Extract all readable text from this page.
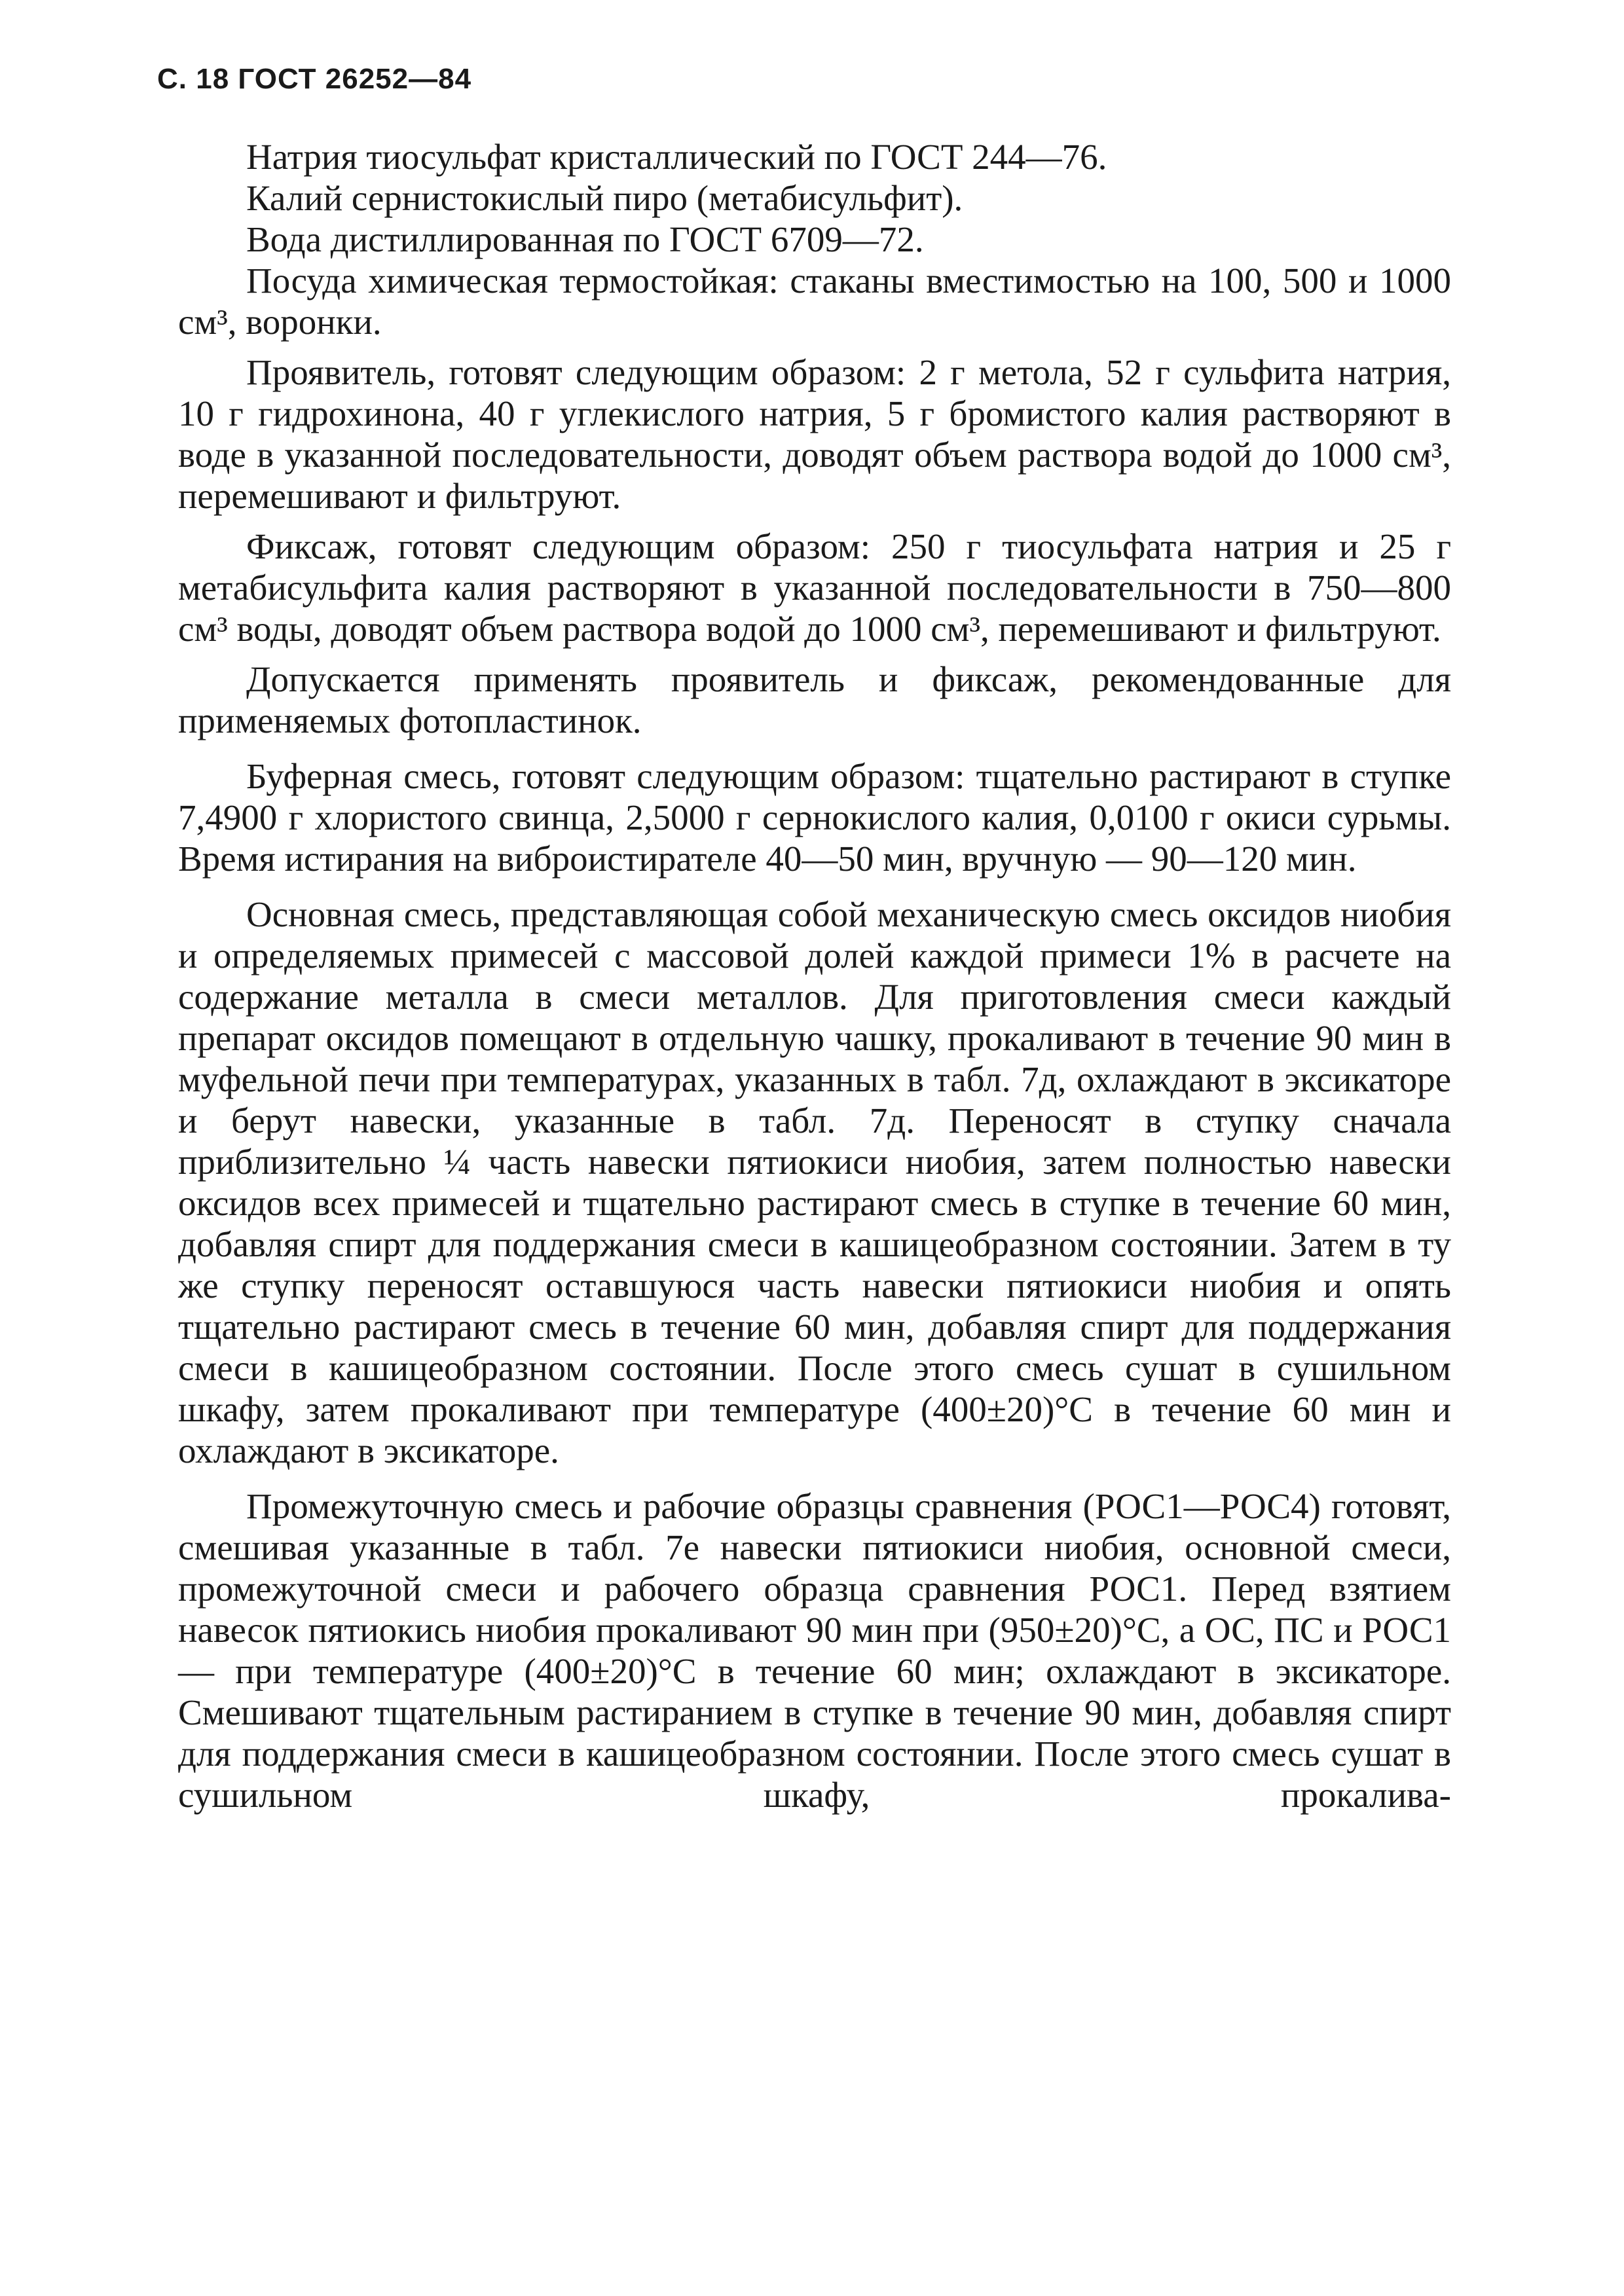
С. 18 ГОСТ 26252—84

Натрия тиосульфат кристаллический по ГОСТ 244—76.

Калий сернистокислый пиро (метабисульфит).

Вода дистиллированная по ГОСТ 6709—72.

Посуда химическая термостойкая: стаканы вместимостью на 100, 500 и 1000 см³, воронки.

Проявитель, готовят следующим образом: 2 г метола, 52 г сульфита натрия, 10 г гидрохинона, 40 г углекислого натрия, 5 г бромистого калия растворяют в воде в указанной последовательности, доводят объем раствора водой до 1000 см³, перемешивают и фильтруют.

Фиксаж, готовят следующим образом: 250 г тиосульфата натрия и 25 г метабисульфита калия растворяют в указанной последовательности в 750—800 см³ воды, доводят объем раствора водой до 1000 см³, перемешивают и фильтруют.

Допускается применять проявитель и фиксаж, рекомендованные для применяемых фотопластинок.

Буферная смесь, готовят следующим образом: тщательно растирают в ступке 7,4900 г хлористого свинца, 2,5000 г сернокислого калия, 0,0100 г окиси сурьмы. Время истирания на виброистирателе 40—50 мин, вручную — 90—120 мин.

Основная смесь, представляющая собой механическую смесь оксидов ниобия и определяемых примесей с массовой долей каждой примеси 1% в расчете на содержание металла в смеси металлов. Для приготовления смеси каждый препарат оксидов помещают в отдельную чашку, прокаливают в течение 90 мин в муфельной печи при температурах, указанных в табл. 7д, охлаждают в эксикаторе и берут навески, указанные в табл. 7д. Переносят в ступку сначала приблизительно ¼ часть навески пятиокиси ниобия, затем полностью навески оксидов всех примесей и тщательно растирают смесь в ступке в течение 60 мин, добавляя спирт для поддержания смеси в кашицеобразном состоянии. Затем в ту же ступку переносят оставшуюся часть навески пятиокиси ниобия и опять тщательно растирают смесь в течение 60 мин, добавляя спирт для поддержания смеси в кашицеобразном состоянии. После этого смесь сушат в сушильном шкафу, затем прокаливают при температуре (400±20)°С в течение 60 мин и охлаждают в эксикаторе.

Промежуточную смесь и рабочие образцы сравнения (РОС1—РОС4) готовят, смешивая указанные в табл. 7е навески пятиокиси ниобия, основной смеси, промежуточной смеси и рабочего образца сравнения РОС1. Перед взятием навесок пятиокись ниобия прокаливают 90 мин при (950±20)°С, а ОС, ПС и РОС1 — при температуре (400±20)°С в течение 60 мин; охлаждают в эксикаторе. Смешивают тщательным растиранием в ступке в течение 90 мин, добавляя спирт для поддержания смеси в кашицеобразном состоянии. После этого смесь сушат в сушильном шкафу, прокалива-
